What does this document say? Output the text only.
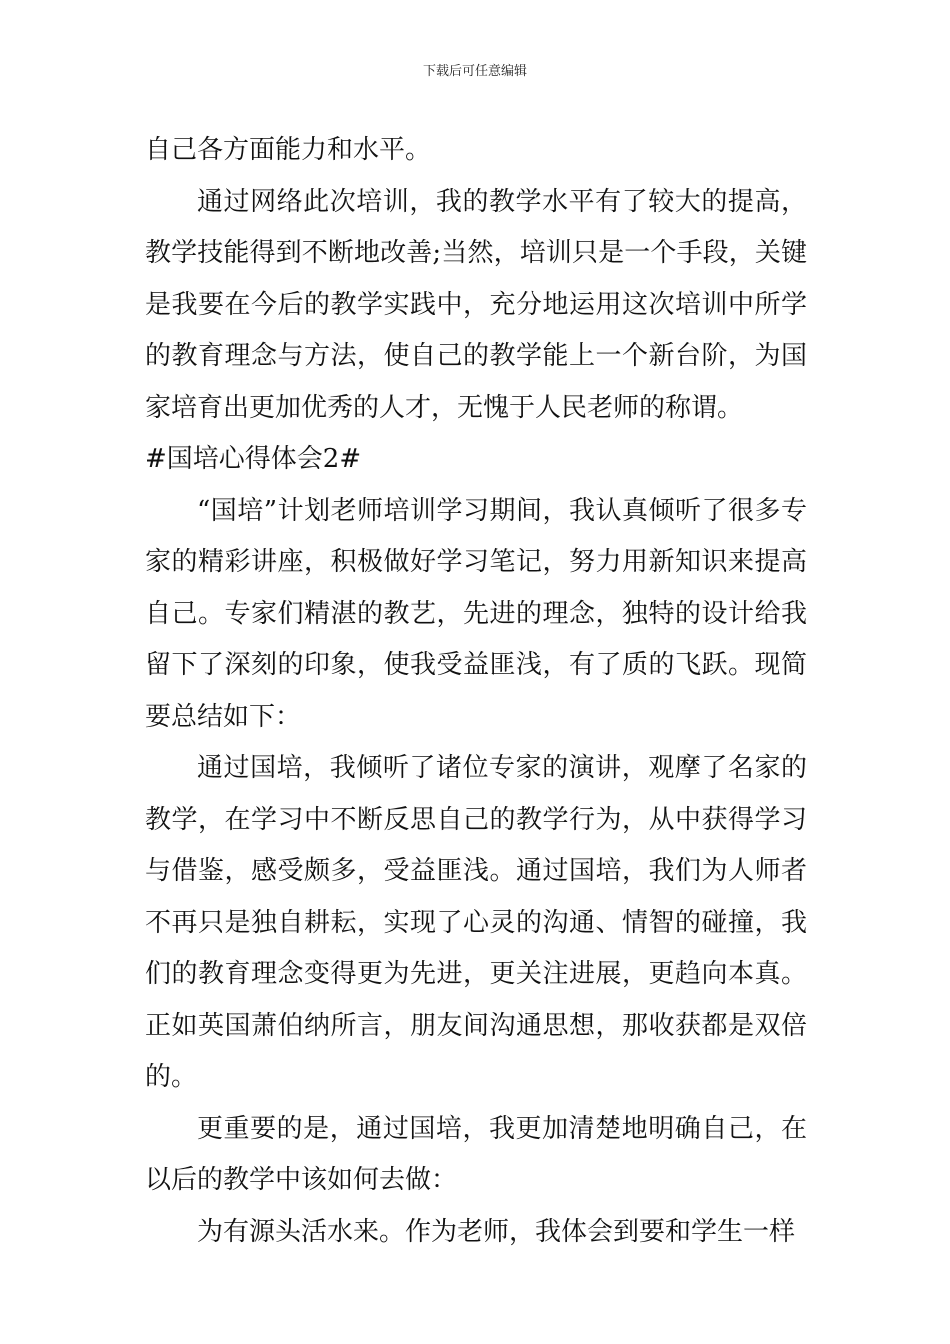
下载后可任意编辑

自己各方面能力和水平。

通过网络此次培训，我的教学水平有了较大的提高，教学技能得到不断地改善;当然，培训只是一个手段，关键是我要在今后的教学实践中，充分地运用这次培训中所学的教育理念与方法，使自己的教学能上一个新台阶，为国家培育出更加优秀的人才，无愧于人民老师的称谓。

#国培心得体会2#

“国培”计划老师培训学习期间，我认真倾听了很多专家的精彩讲座，积极做好学习笔记，努力用新知识来提高自己。专家们精湛的教艺，先进的理念，独特的设计给我留下了深刻的印象，使我受益匪浅，有了质的飞跃。现简要总结如下：

通过国培，我倾听了诸位专家的演讲，观摩了名家的教学，在学习中不断反思自己的教学行为，从中获得学习与借鉴，感受颇多，受益匪浅。通过国培，我们为人师者不再只是独自耕耘，实现了心灵的沟通、情智的碰撞，我们的教育理念变得更为先进，更关注进展，更趋向本真。正如英国萧伯纳所言，朋友间沟通思想，那收获都是双倍的。

更重要的是，通过国培，我更加清楚地明确自己，在以后的教学中该如何去做：

为有源头活水来。作为老师，我体会到要和学生一样
